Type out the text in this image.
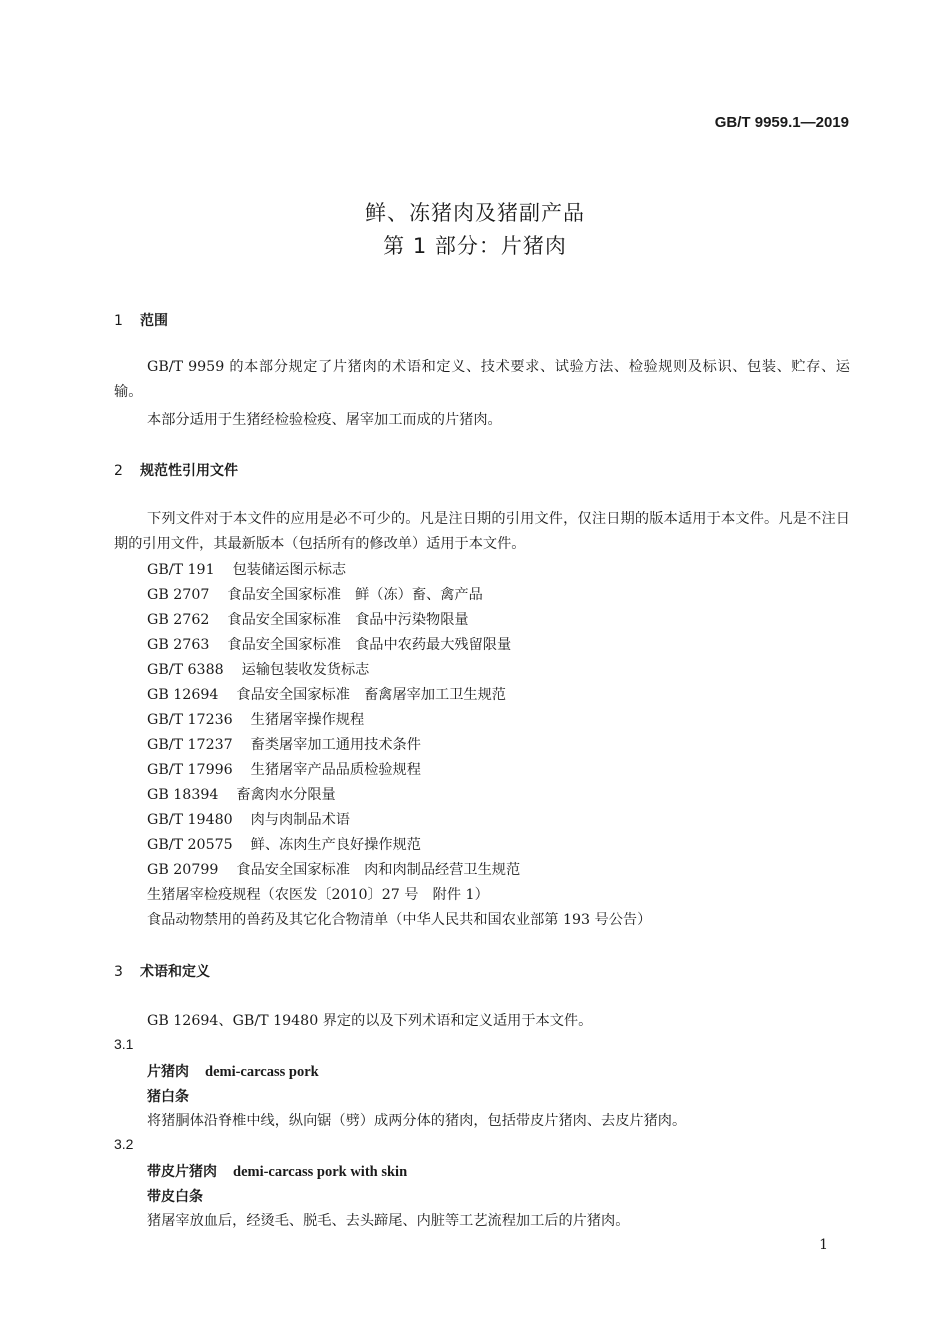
GB/T 9959.1—2019
鲜、冻猪肉及猪副产品
第 1 部分：片猪肉
1 范围
GB/T 9959 的本部分规定了片猪肉的术语和定义、技术要求、试验方法、检验规则及标识、包装、贮存、运输。
本部分适用于生猪经检验检疫、屠宰加工而成的片猪肉。
2 规范性引用文件
下列文件对于本文件的应用是必不可少的。凡是注日期的引用文件，仅注日期的版本适用于本文件。凡是不注日期的引用文件，其最新版本（包括所有的修改单）适用于本文件。
GB/T 191 包装储运图示标志
GB 2707 食品安全国家标准　鲜（冻）畜、禽产品
GB 2762 食品安全国家标准　食品中污染物限量
GB 2763 食品安全国家标准　食品中农药最大残留限量
GB/T 6388 运输包装收发货标志
GB 12694 食品安全国家标准　畜禽屠宰加工卫生规范
GB/T 17236 生猪屠宰操作规程
GB/T 17237 畜类屠宰加工通用技术条件
GB/T 17996 生猪屠宰产品品质检验规程
GB 18394 畜禽肉水分限量
GB/T 19480 肉与肉制品术语
GB/T 20575 鲜、冻肉生产良好操作规范
GB 20799 食品安全国家标准　肉和肉制品经营卫生规范
生猪屠宰检疫规程（农医发〔2010〕27 号　附件 1）
食品动物禁用的兽药及其它化合物清单（中华人民共和国农业部第 193 号公告）
3 术语和定义
GB 12694、GB/T 19480 界定的以及下列术语和定义适用于本文件。
3.1
片猪肉 demi-carcass pork
猪白条
将猪胴体沿脊椎中线，纵向锯（劈）成两分体的猪肉，包括带皮片猪肉、去皮片猪肉。
3.2
带皮片猪肉 demi-carcass pork with skin
带皮白条
猪屠宰放血后，经烫毛、脱毛、去头蹄尾、内脏等工艺流程加工后的片猪肉。
1
